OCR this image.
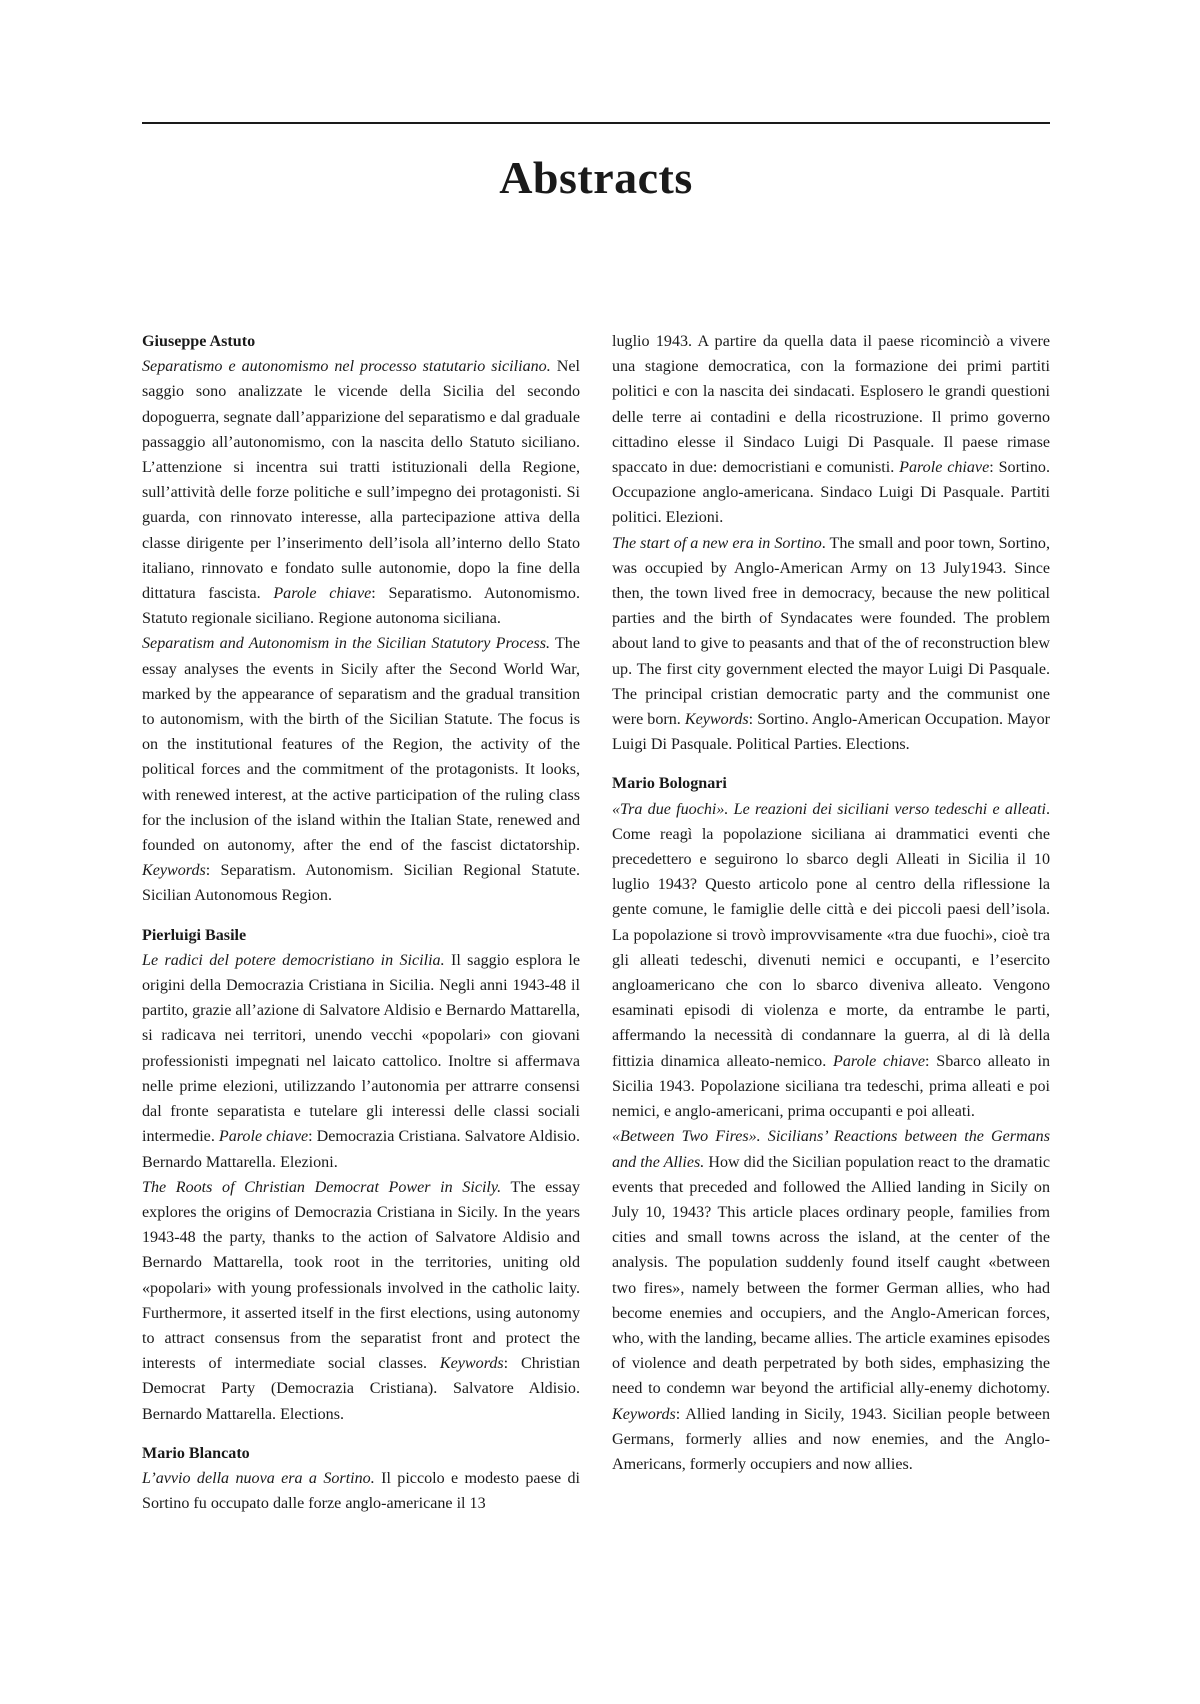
Abstracts
Giuseppe Astuto

Separatismo e autonomismo nel processo statutario siciliano. Nel saggio sono analizzate le vicende della Sicilia del secondo dopoguerra, segnate dall’apparizione del separatismo e dal graduale passaggio all’autonomismo, con la nascita dello Statuto siciliano. L’attenzione si incentra sui tratti istituzionali della Regione, sull’attività delle forze politiche e sull’impegno dei protagonisti. Si guarda, con rinnovato interesse, alla partecipazione attiva della classe dirigente per l’inserimento dell’isola all’interno dello Stato italiano, rinnovato e fondato sulle autonomie, dopo la fine della dittatura fascista. Parole chiave: Separatismo. Autonomismo. Statuto regionale siciliano. Regione autonoma siciliana.

Separatism and Autonomism in the Sicilian Statutory Process. The essay analyses the events in Sicily after the Second World War, marked by the appearance of separatism and the gradual transition to autonomism, with the birth of the Sicilian Statute. The focus is on the institutional features of the Region, the activity of the political forces and the commitment of the protagonists. It looks, with renewed interest, at the active participation of the ruling class for the inclusion of the island within the Italian State, renewed and founded on autonomy, after the end of the fascist dictatorship. Keywords: Separatism. Autonomism. Sicilian Regional Statute. Sicilian Autonomous Region.

Pierluigi Basile

Le radici del potere democristiano in Sicilia. Il saggio esplora le origini della Democrazia Cristiana in Sicilia. Negli anni 1943-48 il partito, grazie all’azione di Salvatore Aldisio e Bernardo Mattarella, si radicava nei territori, unendo vecchi «popolari» con giovani professionisti impegnati nel laicato cattolico. Inoltre si affermava nelle prime elezioni, utilizzando l’autonomia per attrarre consensi dal fronte separatista e tutelare gli interessi delle classi sociali intermedie. Parole chiave: Democrazia Cristiana. Salvatore Aldisio. Bernardo Mattarella. Elezioni.

The Roots of Christian Democrat Power in Sicily. The essay explores the origins of Democrazia Cristiana in Sicily. In the years 1943-48 the party, thanks to the action of Salvatore Aldisio and Bernardo Mattarella, took root in the territories, uniting old «popolari» with young professionals involved in the catholic laity. Furthermore, it asserted itself in the first elections, using autonomy to attract consensus from the separatist front and protect the interests of intermediate social classes. Keywords: Christian Democrat Party (Democrazia Cristiana). Salvatore Aldisio. Bernardo Mattarella. Elections.

Mario Blancato

L’avvio della nuova era a Sortino. Il piccolo e modesto paese di Sortino fu occupato dalle forze anglo-americane il 13

luglio 1943. A partire da quella data il paese ricominciò a vivere una stagione democratica, con la formazione dei primi partiti politici e con la nascita dei sindacati. Esplosero le grandi questioni delle terre ai contadini e della ricostruzione. Il primo governo cittadino elesse il Sindaco Luigi Di Pasquale. Il paese rimase spaccato in due: democristiani e comunisti. Parole chiave: Sortino. Occupazione anglo-americana. Sindaco Luigi Di Pasquale. Partiti politici. Elezioni.

The start of a new era in Sortino. The small and poor town, Sortino, was occupied by Anglo-American Army on 13 July1943. Since then, the town lived free in democracy, because the new political parties and the birth of Syndacates were founded. The problem about land to give to peasants and that of the of reconstruction blew up. The first city government elected the mayor Luigi Di Pasquale. The principal cristian democratic party and the communist one were born. Keywords: Sortino. Anglo-American Occupation. Mayor Luigi Di Pasquale. Political Parties. Elections.

Mario Bolognari

«Tra due fuochi». Le reazioni dei siciliani verso tedeschi e alleati. Come reagì la popolazione siciliana ai drammatici eventi che precedettero e seguirono lo sbarco degli Alleati in Sicilia il 10 luglio 1943? Questo articolo pone al centro della riflessione la gente comune, le famiglie delle città e dei piccoli paesi dell’isola. La popolazione si trovò improvvisamente «tra due fuochi», cioè tra gli alleati tedeschi, divenuti nemici e occupanti, e l’esercito angloamericano che con lo sbarco diveniva alleato. Vengono esaminati episodi di violenza e morte, da entrambe le parti, affermando la necessità di condannare la guerra, al di là della fittizia dinamica alleato-nemico. Parole chiave: Sbarco alleato in Sicilia 1943. Popolazione siciliana tra tedeschi, prima alleati e poi nemici, e anglo-americani, prima occupanti e poi alleati.

«Between Two Fires». Sicilians’ Reactions between the Germans and the Allies. How did the Sicilian population react to the dramatic events that preceded and followed the Allied landing in Sicily on July 10, 1943? This article places ordinary people, families from cities and small towns across the island, at the center of the analysis. The population suddenly found itself caught «between two fires», namely between the former German allies, who had become enemies and occupiers, and the Anglo-American forces, who, with the landing, became allies. The article examines episodes of violence and death perpetrated by both sides, emphasizing the need to condemn war beyond the artificial ally-enemy dichotomy. Keywords: Allied landing in Sicily, 1943. Sicilian people between Germans, formerly allies and now enemies, and the Anglo-Americans, formerly occupiers and now allies.
